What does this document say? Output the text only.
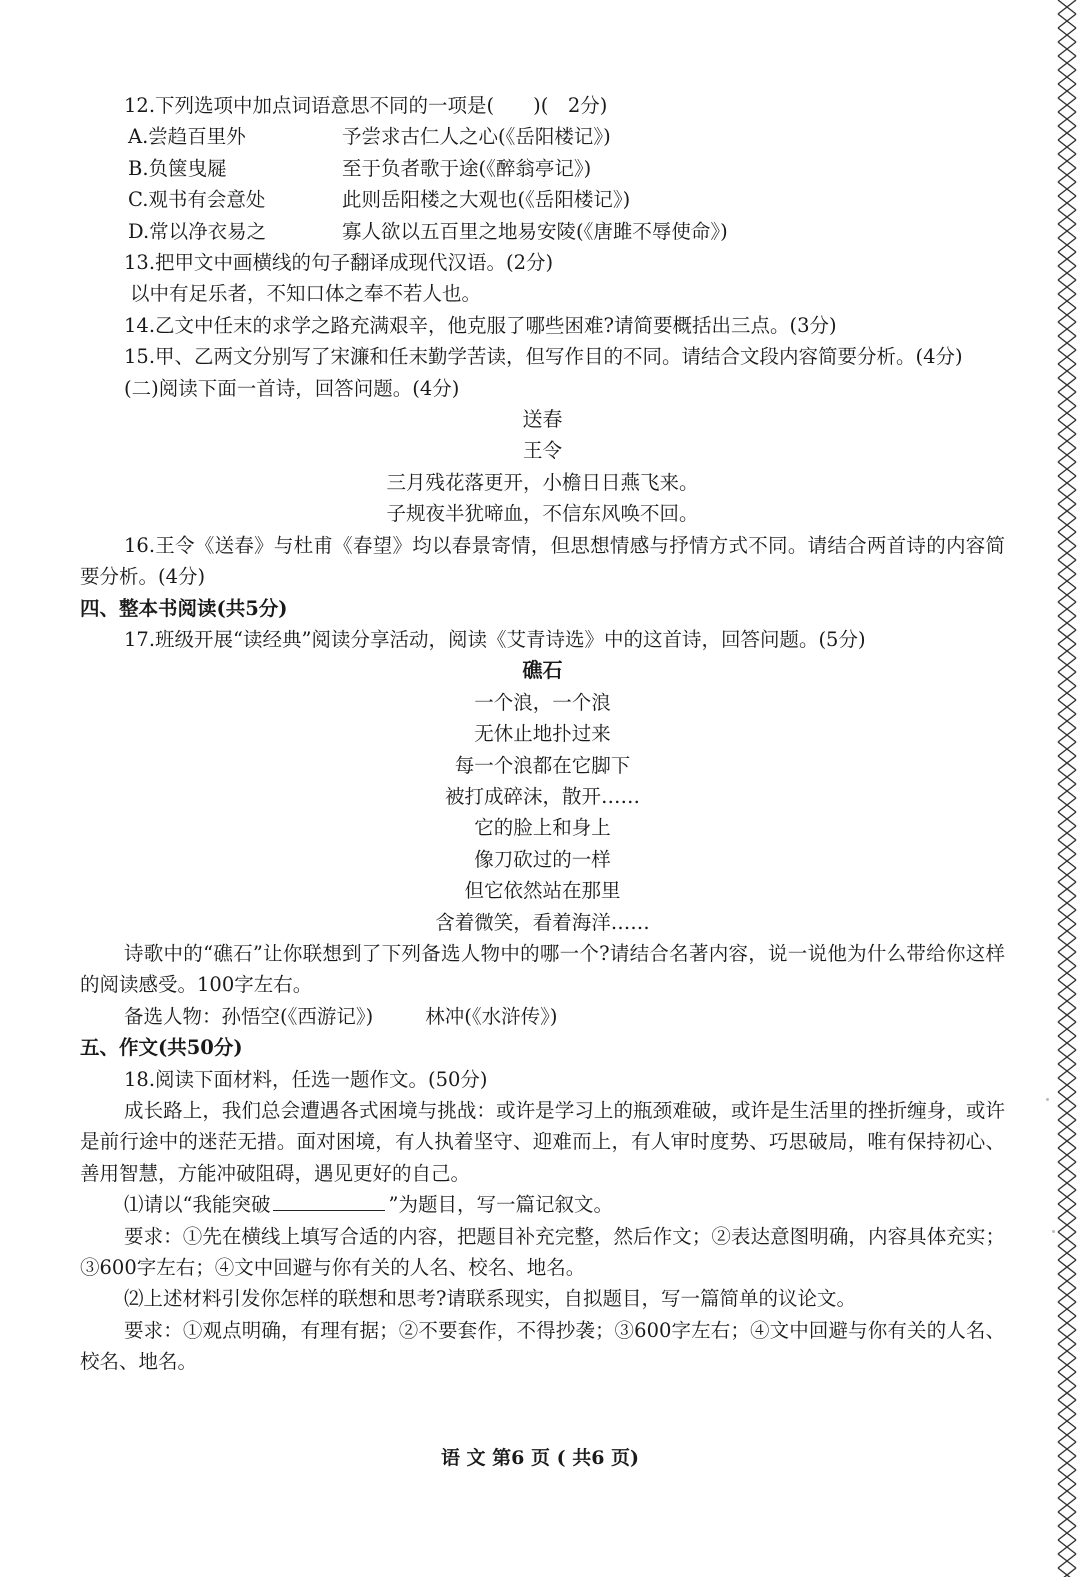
12.下列选项中加点词语意思不同的一项是(　　)(　2分)
A.尝趋百里外	予尝求古仁人之心(《岳阳楼记》)
B.负箧曳屣	至于负者歌于途(《醉翁亭记》)
C.观书有会意处	此则岳阳楼之大观也(《岳阳楼记》)
D.常以净衣易之	寡人欲以五百里之地易安陵(《唐雎不辱使命》)
13.把甲文中画横线的句子翻译成现代汉语。(2分)
以中有足乐者，不知口体之奉不若人也。
14.乙文中任末的求学之路充满艰辛，他克服了哪些困难?请简要概括出三点。(3分)
15.甲、乙两文分别写了宋濂和任末勤学苦读，但写作目的不同。请结合文段内容简要分析。(4分)
(二)阅读下面一首诗，回答问题。(4分)
送春
王令
三月残花落更开，小檐日日燕飞来。
子规夜半犹啼血，不信东风唤不回。
16.王令《送春》与杜甫《春望》均以春景寄情，但思想情感与抒情方式不同。请结合两首诗的内容简要分析。(4分)
四、整本书阅读(共5分)
17.班级开展“读经典”阅读分享活动，阅读《艾青诗选》中的这首诗，回答问题。(5分)
礁石
一个浪，一个浪
无休止地扑过来
每一个浪都在它脚下
被打成碎沫，散开……
它的脸上和身上
像刀砍过的一样
但它依然站在那里
含着微笑，看着海洋……
诗歌中的“礁石”让你联想到了下列备选人物中的哪一个?请结合名著内容，说一说他为什么带给你这样的阅读感受。100字左右。
备选人物：孙悟空(《西游记》)	林冲(《水浒传》)
五、作文(共50分)
18.阅读下面材料，任选一题作文。(50分)
成长路上，我们总会遭遇各式困境与挑战：或许是学习上的瓶颈难破，或许是生活里的挫折缠身，或许是前行途中的迷茫无措。面对困境，有人执着坚守、迎难而上，有人审时度势、巧思破局，唯有保持初心、善用智慧，方能冲破阻碍，遇见更好的自己。
⑴请以“我能突破	”为题目，写一篇记叙文。
要求：①先在横线上填写合适的内容，把题目补充完整，然后作文；②表达意图明确，内容具体充实；③600字左右；④文中回避与你有关的人名、校名、地名。
⑵上述材料引发你怎样的联想和思考?请联系现实，自拟题目，写一篇简单的议论文。
要求：①观点明确，有理有据；②不要套作，不得抄袭；③600字左右；④文中回避与你有关的人名、校名、地名。
语 文 第6 页 ( 共6 页)
